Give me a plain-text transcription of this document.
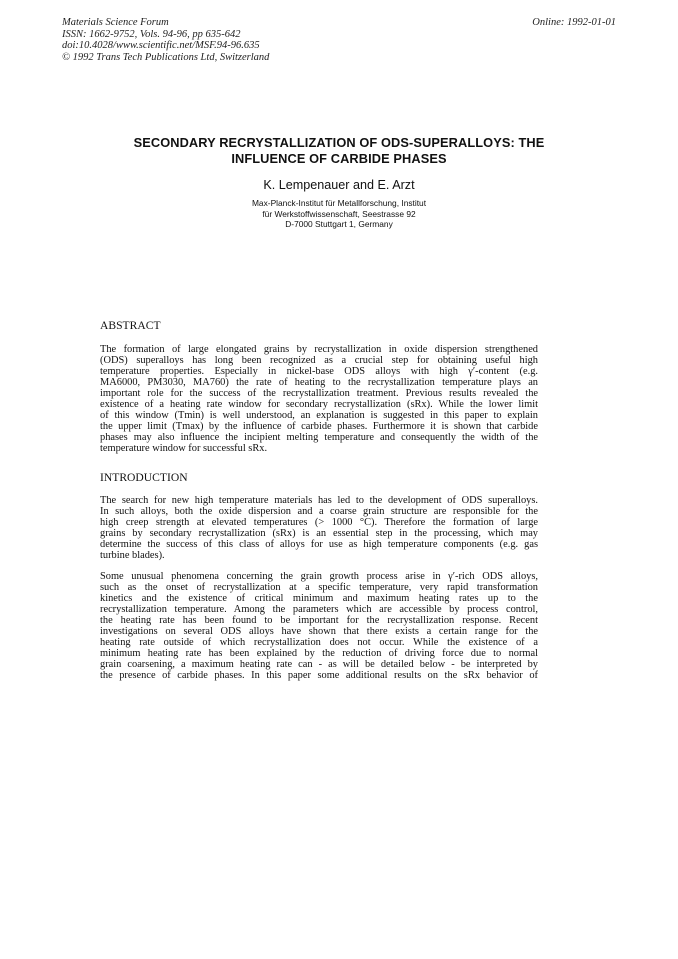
Materials Science Forum
ISSN: 1662-9752, Vols. 94-96, pp 635-642
doi:10.4028/www.scientific.net/MSF.94-96.635
© 1992 Trans Tech Publications Ltd, Switzerland
Online: 1992-01-01
SECONDARY RECRYSTALLIZATION OF ODS-SUPERALLOYS: THE
INFLUENCE OF CARBIDE PHASES
K. Lempenauer and E. Arzt
Max-Planck-Institut für Metallforschung, Institut
für Werkstoffwissenschaft, Seestrasse 92
D-7000 Stuttgart 1, Germany
ABSTRACT
The formation of large elongated grains by recrystallization in oxide dispersion strengthened
(ODS) superalloys has long been recognized as a crucial step for obtaining useful high
temperature properties. Especially in nickel-base ODS alloys with high γ′-content (e.g.
MA6000, PM3030, MA760) the rate of heating to the recrystallization temperature plays an
important role for the success of the recrystallization treatment. Previous results revealed the
existence of a heating rate window for secondary recrystallization (sRx). While the lower limit
of this window (Tmin) is well understood, an explanation is suggested in this paper to explain
the upper limit (Tmax) by the influence of carbide phases. Furthermore it is shown that carbide
phases may also influence the incipient melting temperature and consequently the width of the
temperature window for successful sRx.
INTRODUCTION
The search for new high temperature materials has led to the development of ODS superalloys.
In such alloys, both the oxide dispersion and a coarse grain structure are responsible for the
high creep strength at elevated temperatures (> 1000 °C). Therefore the formation of large
grains by secondary recrystallization (sRx) is an essential step in the processing, which may
determine the success of this class of alloys for use as high temperature components (e.g. gas
turbine blades).
Some unusual phenomena concerning the grain growth process arise in γ′-rich ODS alloys,
such as the onset of recrystallization at a specific temperature, very rapid transformation
kinetics and the existence of critical minimum and maximum heating rates up to the
recrystallization temperature. Among the parameters which are accessible by process control,
the heating rate has been found to be important for the recrystallization response. Recent
investigations on several ODS alloys have shown that there exists a certain range for the
heating rate outside of which recrystallization does not occur. While the existence of a
minimum heating rate has been explained by the reduction of driving force due to normal
grain coarsening, a maximum heating rate can - as will be detailed below - be interpreted by
the presence of carbide phases. In this paper some additional results on the sRx behavior of
